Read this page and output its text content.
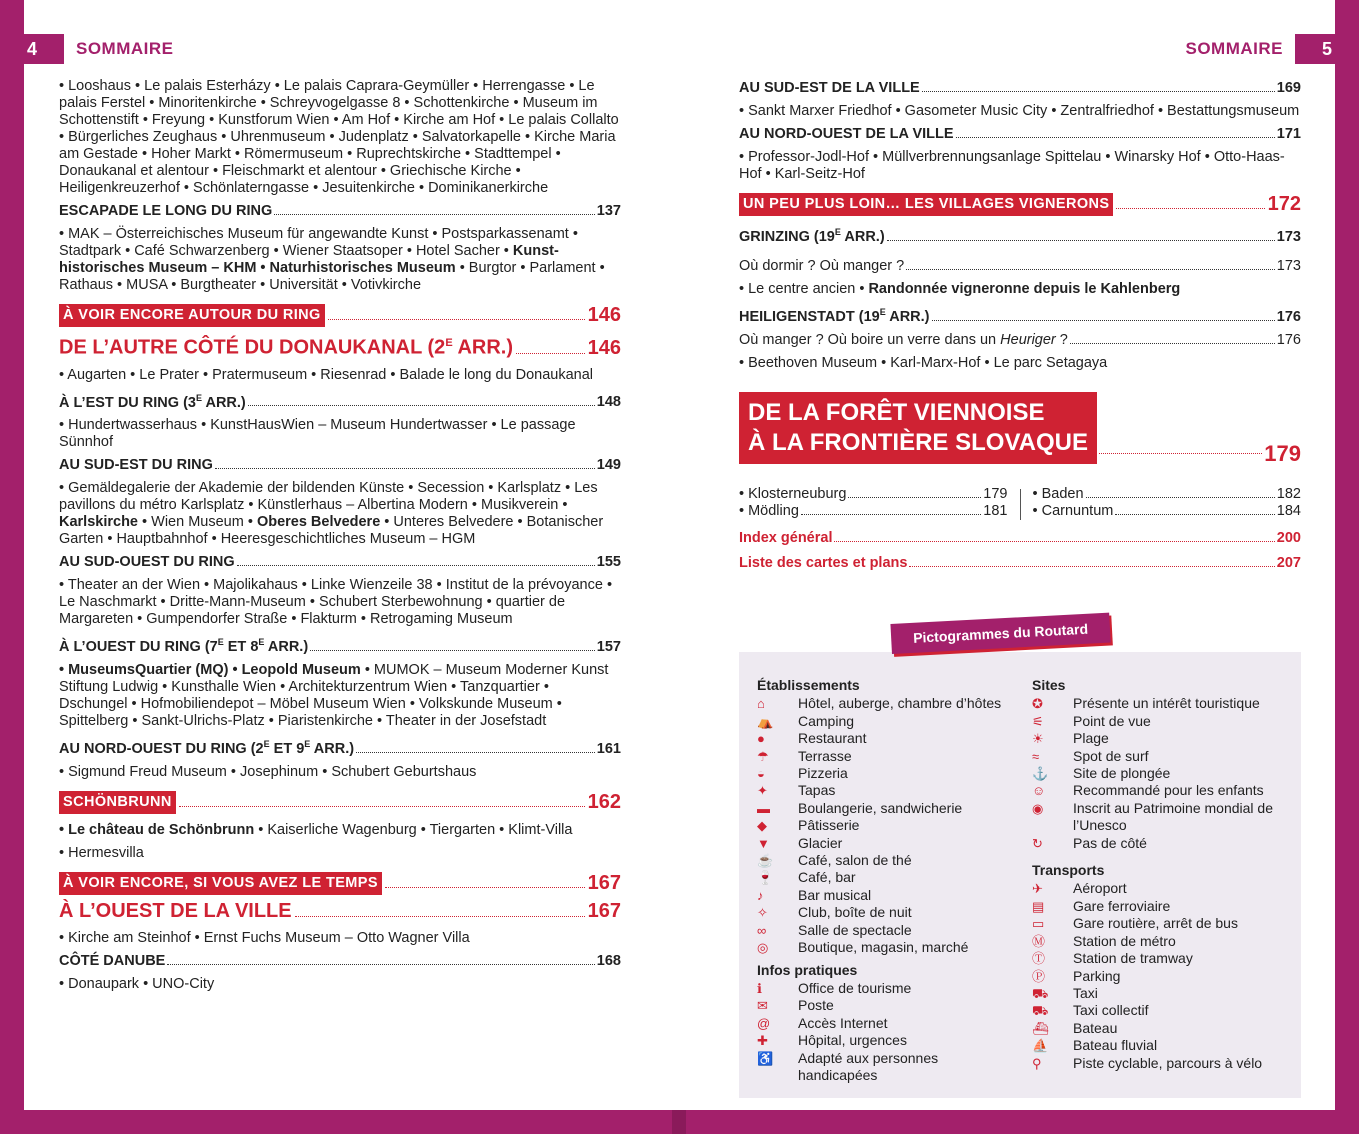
4	SOMMAIRE	5
SOMMAIRE
• Looshaus • Le palais Esterházy • Le palais Caprara-Geymüller • Herrengasse • Le palais Ferstel • Minoritenkirche • Schreyvogelgasse 8 • Schottenkirche • Museum im Schottenstift • Freyung • Kunstforum Wien • Am Hof • Kirche am Hof • Le palais Collalto • Bürgerliches Zeughaus • Uhrenmuseum • Judenplatz • Salvatorkapelle • Kirche Maria am Gestade • Hoher Markt • Römermuseum • Ruprechtskirche • Stadttempel • Donaukanal et alentour • Fleischmarkt et alentour • Griechische Kirche • Heiligenkreuzerhof • Schönlaterngasse • Jesuitenkirche • Dominikanerkirche
ESCAPADE LE LONG DU RING	137
• MAK – Österreichisches Museum für angewandte Kunst • Postsparkassenamt • Stadtpark • Café Schwarzenberg • Wiener Staatsoper • Hotel Sacher • Kunsthistorisches Museum – KHM • Naturhistorisches Museum • Burgtor • Parlament • Rathaus • MUSA • Burgtheater • Universität • Votivkirche
À VOIR ENCORE AUTOUR DU RING	146
DE L’AUTRE CÔTÉ DU DONAUKANAL ($2^E$ ARR.)	146
• Augarten • Le Prater • Pratermuseum • Riesenrad • Balade le long du Donaukanal
À L’EST DU RING ($3^E$ ARR.)	148
• Hundertwasserhaus • KunstHausWien – Museum Hundertwasser • Le passage Sünnhof
AU SUD-EST DU RING	149
• Gemäldegalerie der Akademie der bildenden Künste • Secession • Karlsplatz • Les pavillons du métro Karlsplatz • Künstlerhaus – Albertina Modern • Musikverein • Karlskirche • Wien Museum • Oberes Belvedere • Unteres Belvedere • Botanischer Garten • Hauptbahnhof • Heeresgeschichtliches Museum – HGM
AU SUD-OUEST DU RING	155
• Theater an der Wien • Majolikahaus • Linke Wienzeile 38 • Institut de la prévoyance • Le Naschmarkt • Dritte-Mann-Museum • Schubert Sterbewohnung • quartier de Margareten • Gumpendorfer Straße • Flakturm • Retrogaming Museum
À L’OUEST DU RING ($7^E$ ET $8^E$ ARR.)	157
• MuseumsQuartier (MQ) • Leopold Museum • MUMOK – Museum Moderner Kunst Stiftung Ludwig • Kunsthalle Wien • Architekturzentrum Wien • Tanzquartier • Dschungel • Hofmobiliendepot – Möbel Museum Wien • Volkskunde Museum • Spittelberg • Sankt-Ulrichs-Platz • Piaristenkirche • Theater in der Josefstadt
AU NORD-OUEST DU RING ($2^E$ ET $9^E$ ARR.)	161
• Sigmund Freud Museum • Josephinum • Schubert Geburtshaus
SCHÖNBRUNN	162
• Le château de Schönbrunn • Kaiserliche Wagenburg • Tiergarten • Klimt-Villa
• Hermesvilla
À VOIR ENCORE, SI VOUS AVEZ LE TEMPS	167
À L’OUEST DE LA VILLE	167
• Kirche am Steinhof • Ernst Fuchs Museum – Otto Wagner Villa
CÔTÉ DANUBE	168
• Donaupark • UNO-City
AU SUD-EST DE LA VILLE	169
• Sankt Marxer Friedhof • Gasometer Music City • Zentralfriedhof • Bestattungsmuseum
AU NORD-OUEST DE LA VILLE	171
• Professor-Jodl-Hof • Müllverbrennungsanlage Spittelau • Winarsky Hof • Otto-Haas-Hof • Karl-Seitz-Hof
UN PEU PLUS LOIN… LES VILLAGES VIGNERONS	172
GRINZING ($19^E$ ARR.)	173
Où dormir ? Où manger ?	173
• Le centre ancien • Randonnée vigneronne depuis le Kahlenberg
HEILIGENSTADT ($19^E$ ARR.)	176
Où manger ? Où boire un verre dans un Heuriger ?	176
• Beethoven Museum • Karl-Marx-Hof • Le parc Setagaya
DE LA FORÊT VIENNOISE
À LA FRONTIÈRE SLOVAQUE	179
• Klosterneuburg	179
• Mödling	181
• Baden	182
• Carnuntum	184
Index général	200
Liste des cartes et plans	207
Pictogrammes du Routard
Établissements
⌂	Hôtel, auberge, chambre d’hôtes
⛺	Camping
●	Restaurant
☂	Terrasse
◒	Pizzeria
✦	Tapas
▬	Boulangerie, sandwicherie
◆	Pâtisserie
▼	Glacier
☕	Café, salon de thé
🍷	Café, bar
♪	Bar musical
✧	Club, boîte de nuit
∞	Salle de spectacle
◎	Boutique, magasin, marché
Infos pratiques
ℹ	Office de tourisme
✉	Poste
@	Accès Internet
✚	Hôpital, urgences
♿	Adapté aux personnes handicapées
Sites
✪	Présente un intérêt touristique
⚟	Point de vue
☀	Plage
≈	Spot de surf
⚓	Site de plongée
☺	Recommandé pour les enfants
◉	Inscrit au Patrimoine mondial de l’Unesco
↻	Pas de côté
Transports
✈	Aéroport
▤	Gare ferroviaire
▭	Gare routière, arrêt de bus
Ⓜ	Station de métro
Ⓣ	Station de tramway
Ⓟ	Parking
⛟	Taxi
⛟	Taxi collectif
⛴	Bateau
⛵	Bateau fluvial
⚲	Piste cyclable, parcours à vélo
